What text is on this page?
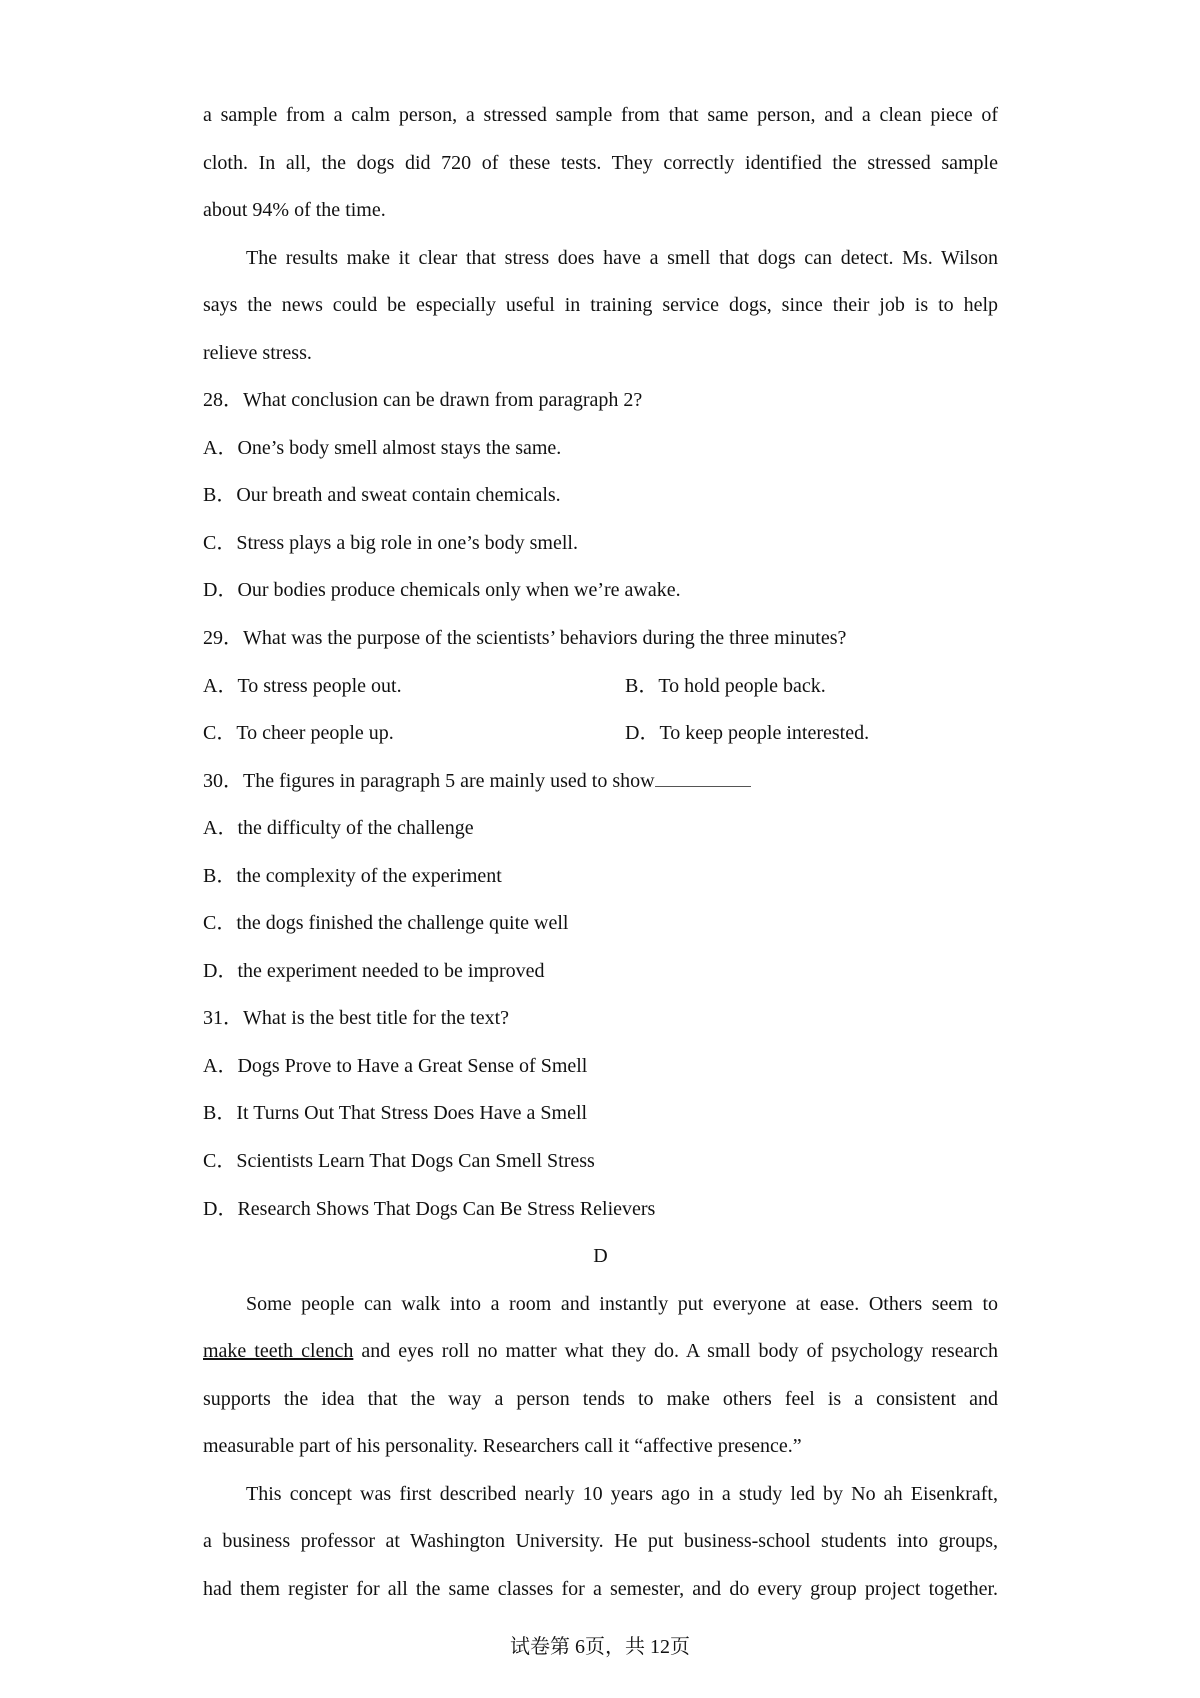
a sample from a calm person, a stressed sample from that same person, and a clean piece of
cloth. In all, the dogs did 720 of these tests. They correctly identified the stressed sample
about 94% of the time.
The results make it clear that stress does have a smell that dogs can detect. Ms. Wilson
says the news could be especially useful in training service dogs, since their job is to help
relieve stress.
28．What conclusion can be drawn from paragraph 2?
A．One’s body smell almost stays the same.
B．Our breath and sweat contain chemicals.
C．Stress plays a big role in one’s body smell.
D．Our bodies produce chemicals only when we’re awake.
29．What was the purpose of the scientists’ behaviors during the three minutes?
A．To stress people out.	B．To hold people back.
C．To cheer people up.	D．To keep people interested.
30．The figures in paragraph 5 are mainly used to show
A．the difficulty of the challenge
B．the complexity of the experiment
C．the dogs finished the challenge quite well
D．the experiment needed to be improved
31．What is the best title for the text?
A．Dogs Prove to Have a Great Sense of Smell
B．It Turns Out That Stress Does Have a Smell
C．Scientists Learn That Dogs Can Smell Stress
D．Research Shows That Dogs Can Be Stress Relievers
D
Some people can walk into a room and instantly put everyone at ease. Others seem to
make teeth clench and eyes roll no matter what they do. A small body of psychology research
supports the idea that the way a person tends to make others feel is a consistent and
measurable part of his personality. Researchers call it “affective presence.”
This concept was first described nearly 10 years ago in a study led by No ah Eisenkraft,
a business professor at Washington University. He put business-school students into groups,
had them register for all the same classes for a semester, and do every group project together.
试卷第 6页，共 12页
